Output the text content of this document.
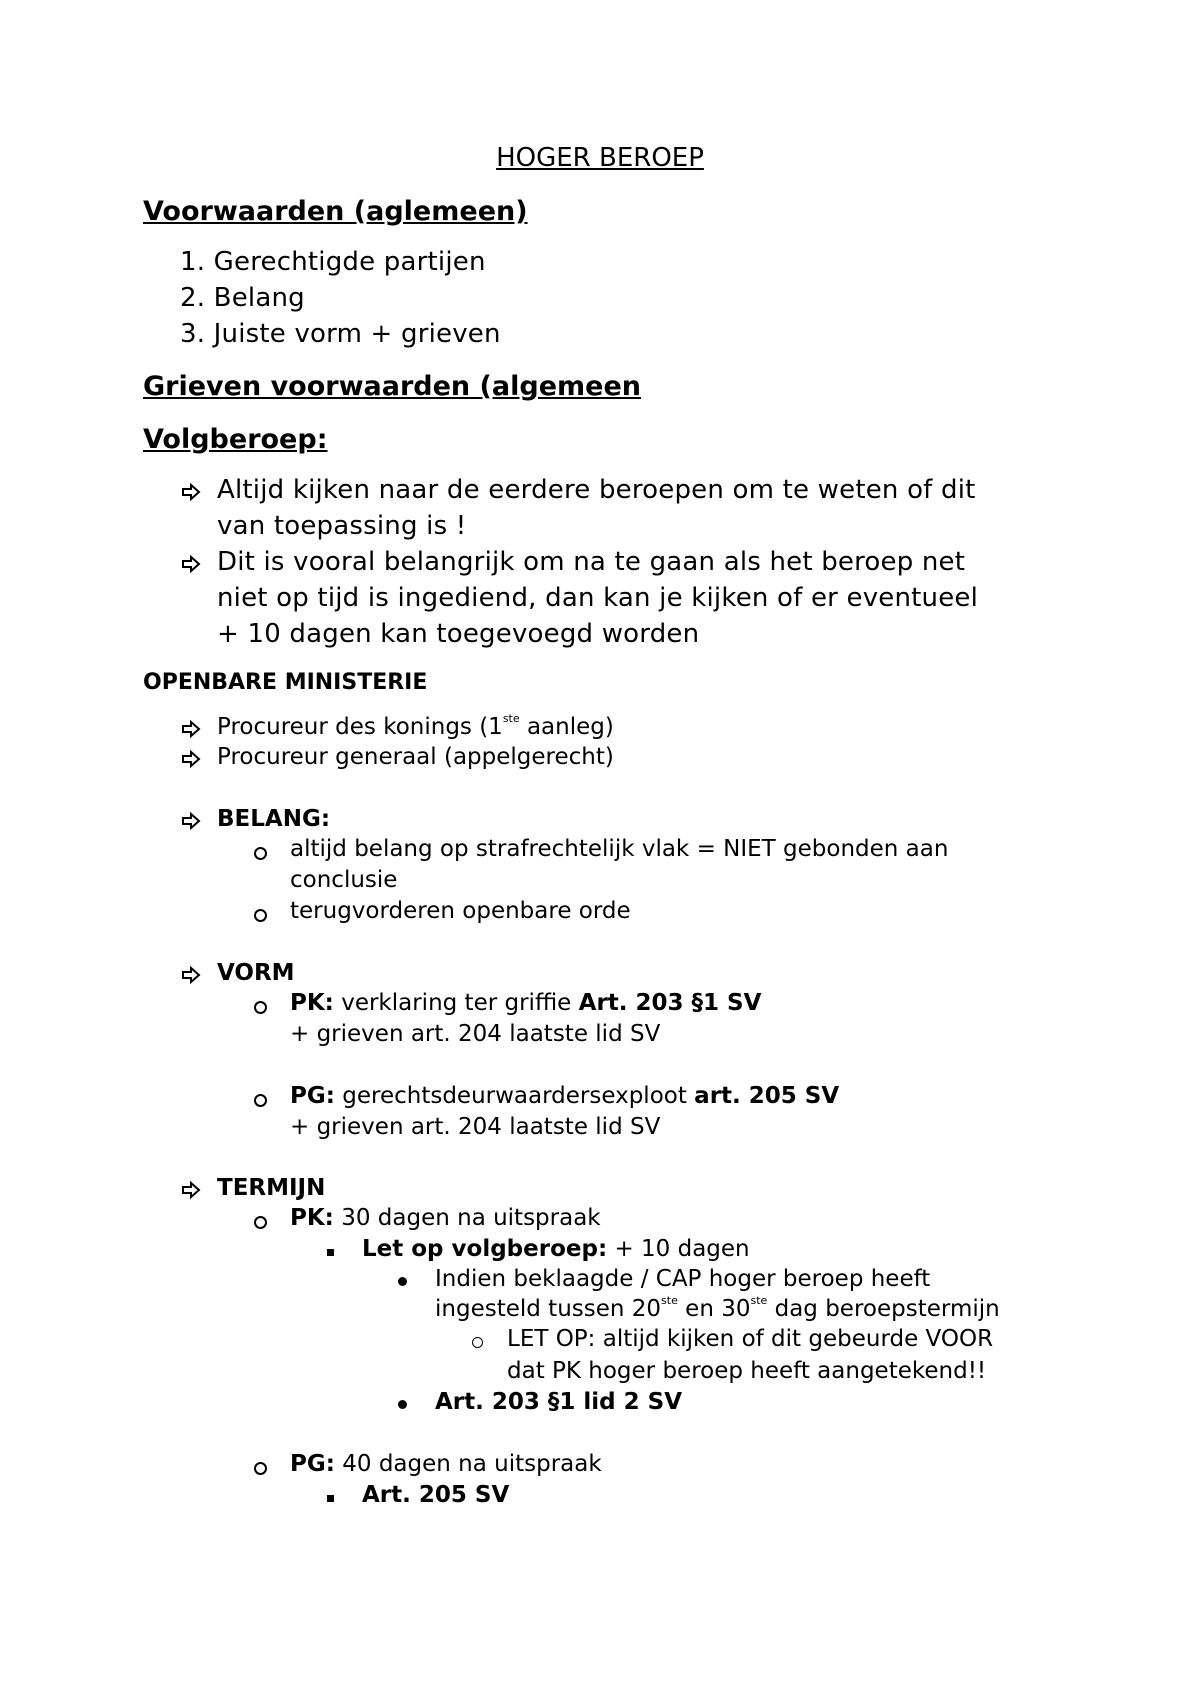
HOGER BEROEP
Voorwaarden (aglemeen)
1. Gerechtigde partijen
2. Belang
3. Juiste vorm + grieven
Grieven voorwaarden (algemeen
Volgberoep:
Altijd kijken naar de eerdere beroepen om te weten of dit
van toepassing is !
Dit is vooral belangrijk om na te gaan als het beroep net
niet op tijd is ingediend, dan kan je kijken of er eventueel
+ 10 dagen kan toegevoegd worden
OPENBARE MINISTERIE
Procureur des konings (1ste aanleg)
Procureur generaal (appelgerecht)
BELANG:
altijd belang op strafrechtelijk vlak = NIET gebonden aan
conclusie
terugvorderen openbare orde
VORM
PK: verklaring ter griffie Art. 203 §1 SV
+ grieven art. 204 laatste lid SV
PG: gerechtsdeurwaardersexploot art. 205 SV
+ grieven art. 204 laatste lid SV
TERMIJN
PK: 30 dagen na uitspraak
Let op volgberoep: + 10 dagen
Indien beklaagde / CAP hoger beroep heeft
ingesteld tussen 20ste en 30ste dag beroepstermijn
LET OP: altijd kijken of dit gebeurde VOOR
dat PK hoger beroep heeft aangetekend!!
Art. 203 §1 lid 2 SV
PG: 40 dagen na uitspraak
Art. 205 SV
